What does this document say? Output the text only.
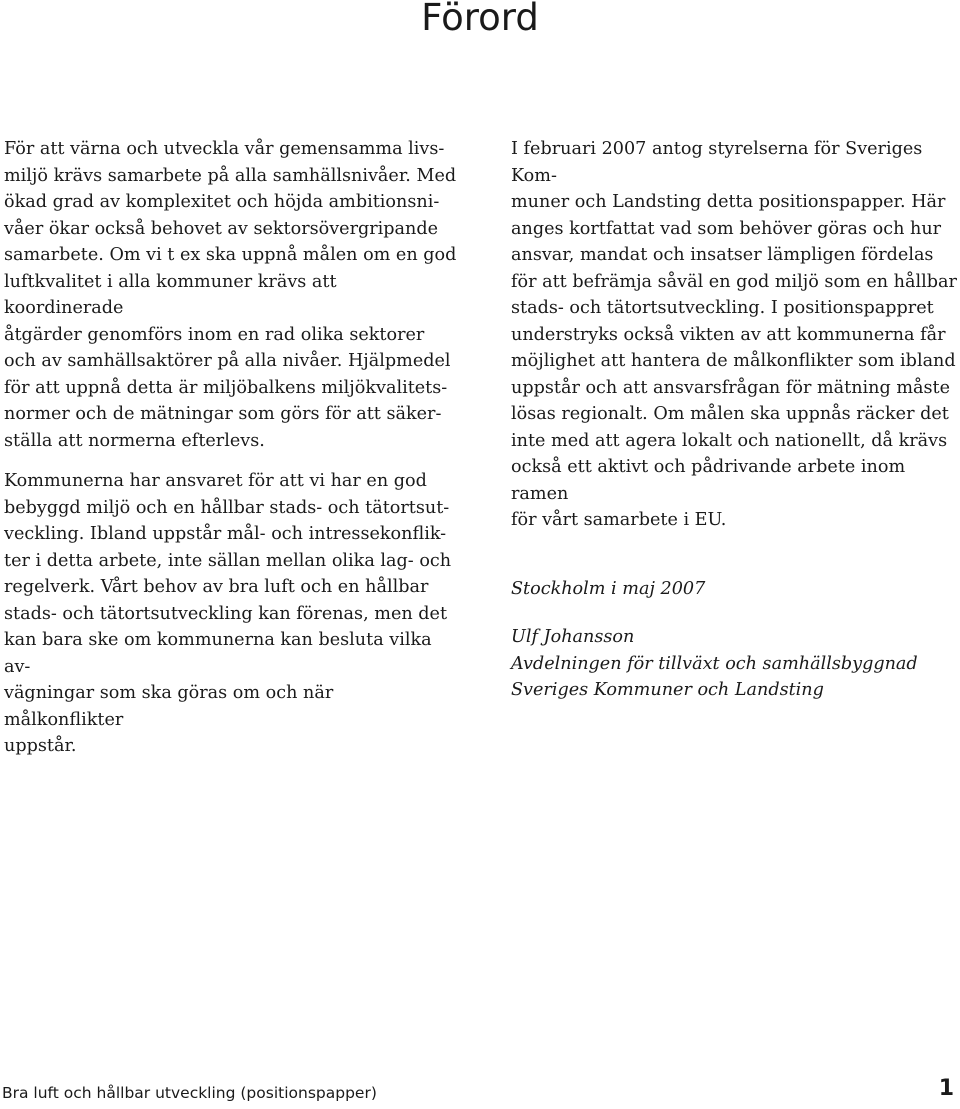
Förord

För att värna och utveckla vår gemensamma livs-
miljö krävs samarbete på alla samhällsnivåer. Med
ökad grad av komplexitet och höjda ambitionsni-
våer ökar också behovet av sektorsövergripande
samarbete. Om vi t ex ska uppnå målen om en god
luftkvalitet i alla kommuner krävs att koordinerade
åtgärder genomförs inom en rad olika sektorer
och av samhällsaktörer på alla nivåer. Hjälpmedel
för att uppnå detta är miljöbalkens miljökvalitets-
normer och de mätningar som görs för att säker-
ställa att normerna efterlevs.

Kommunerna har ansvaret för att vi har en god
bebyggd miljö och en hållbar stads- och tätortsut-
veckling. Ibland uppstår mål- och intressekonflik-
ter i detta arbete, inte sällan mellan olika lag- och
regelverk. Vårt behov av bra luft och en hållbar
stads- och tätortsutveckling kan förenas, men det
kan bara ske om kommunerna kan besluta vilka av-
vägningar som ska göras om och när målkonflikter
uppstår.

I februari 2007 antog styrelserna för Sveriges Kom-
muner och Landsting detta positionspapper. Här
anges kortfattat vad som behöver göras och hur
ansvar, mandat och insatser lämpligen fördelas
för att befrämja såväl en god miljö som en hållbar
stads- och tätortsutveckling. I positionspappret
understryks också vikten av att kommunerna får
möjlighet att hantera de målkonflikter som ibland
uppstår och att ansvarsfrågan för mätning måste
lösas regionalt. Om målen ska uppnås räcker det
inte med att agera lokalt och nationellt, då krävs
också ett aktivt och pådrivande arbete inom ramen
för vårt samarbete i EU.

Stockholm i maj 2007

Ulf Johansson

Avdelningen för tillväxt och samhällsbyggnad

Sveriges Kommuner och Landsting

Bra luft och hållbar utveckling (positionspapper)	1
